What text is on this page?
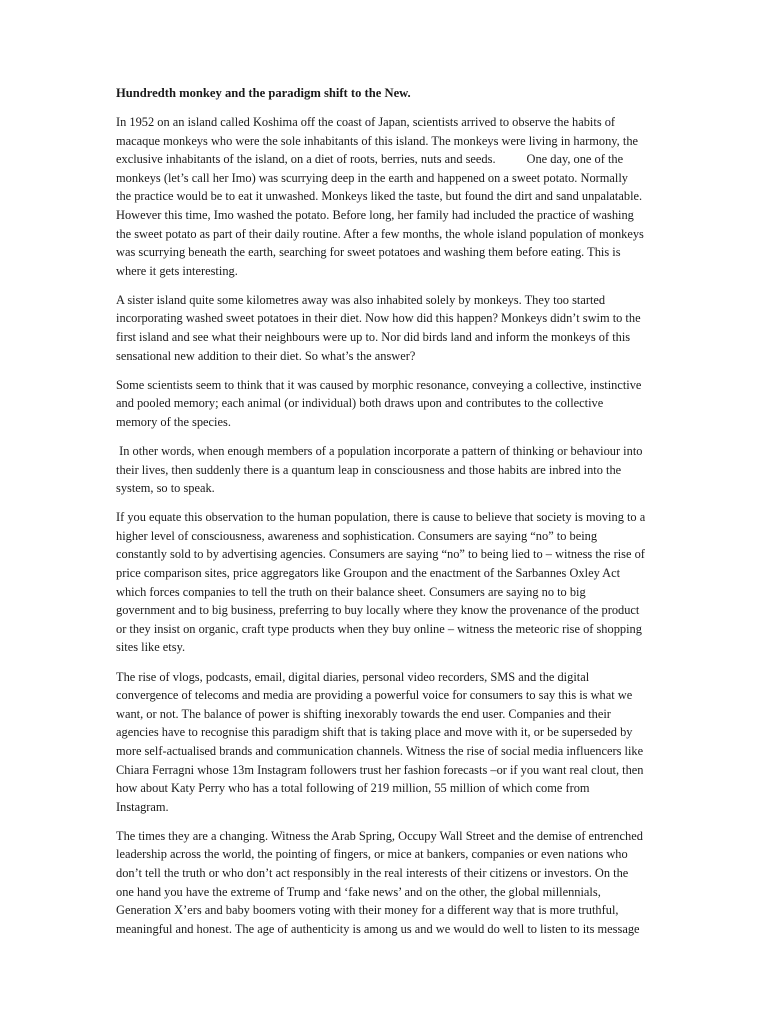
Hundredth monkey and the paradigm shift to the New.
In 1952 on an island called Koshima off the coast of Japan, scientists arrived to observe the habits of
macaque monkeys who were the sole inhabitants of this island. The monkeys were living in harmony, the
exclusive inhabitants of the island, on a diet of roots, berries, nuts and seeds.          One day, one of the
monkeys (let’s call her Imo) was scurrying deep in the earth and happened on a sweet potato. Normally
the practice would be to eat it unwashed. Monkeys liked the taste, but found the dirt and sand unpalatable.
However this time, Imo washed the potato. Before long, her family had included the practice of washing
the sweet potato as part of their daily routine. After a few months, the whole island population of monkeys
was scurrying beneath the earth, searching for sweet potatoes and washing them before eating. This is
where it gets interesting.
A sister island quite some kilometres away was also inhabited solely by monkeys. They too started
incorporating washed sweet potatoes in their diet. Now how did this happen? Monkeys didn’t swim to the
first island and see what their neighbours were up to. Nor did birds land and inform the monkeys of this
sensational new addition to their diet. So what’s the answer?
Some scientists seem to think that it was caused by morphic resonance, conveying a collective, instinctive
and pooled memory; each animal (or individual) both draws upon and contributes to the collective
memory of the species.
In other words, when enough members of a population incorporate a pattern of thinking or behaviour into
their lives, then suddenly there is a quantum leap in consciousness and those habits are inbred into the
system, so to speak.
If you equate this observation to the human population, there is cause to believe that society is moving to a
higher level of consciousness, awareness and sophistication. Consumers are saying “no” to being
constantly sold to by advertising agencies. Consumers are saying “no” to being lied to – witness the rise of
price comparison sites, price aggregators like Groupon and the enactment of the Sarbannes Oxley Act
which forces companies to tell the truth on their balance sheet. Consumers are saying no to big
government and to big business, preferring to buy locally where they know the provenance of the product
or they insist on organic, craft type products when they buy online – witness the meteoric rise of shopping
sites like etsy.
The rise of vlogs, podcasts, email, digital diaries, personal video recorders, SMS and the digital
convergence of telecoms and media are providing a powerful voice for consumers to say this is what we
want, or not. The balance of power is shifting inexorably towards the end user. Companies and their
agencies have to recognise this paradigm shift that is taking place and move with it, or be superseded by
more self-actualised brands and communication channels. Witness the rise of social media influencers like
Chiara Ferragni whose 13m Instagram followers trust her fashion forecasts –or if you want real clout, then
how about Katy Perry who has a total following of 219 million, 55 million of which come from
Instagram.
The times they are a changing. Witness the Arab Spring, Occupy Wall Street and the demise of entrenched
leadership across the world, the pointing of fingers, or mice at bankers, companies or even nations who
don’t tell the truth or who don’t act responsibly in the real interests of their citizens or investors. On the
one hand you have the extreme of Trump and ‘fake news’ and on the other, the global millennials,
Generation X’ers and baby boomers voting with their money for a different way that is more truthful,
meaningful and honest. The age of authenticity is among us and we would do well to listen to its message
